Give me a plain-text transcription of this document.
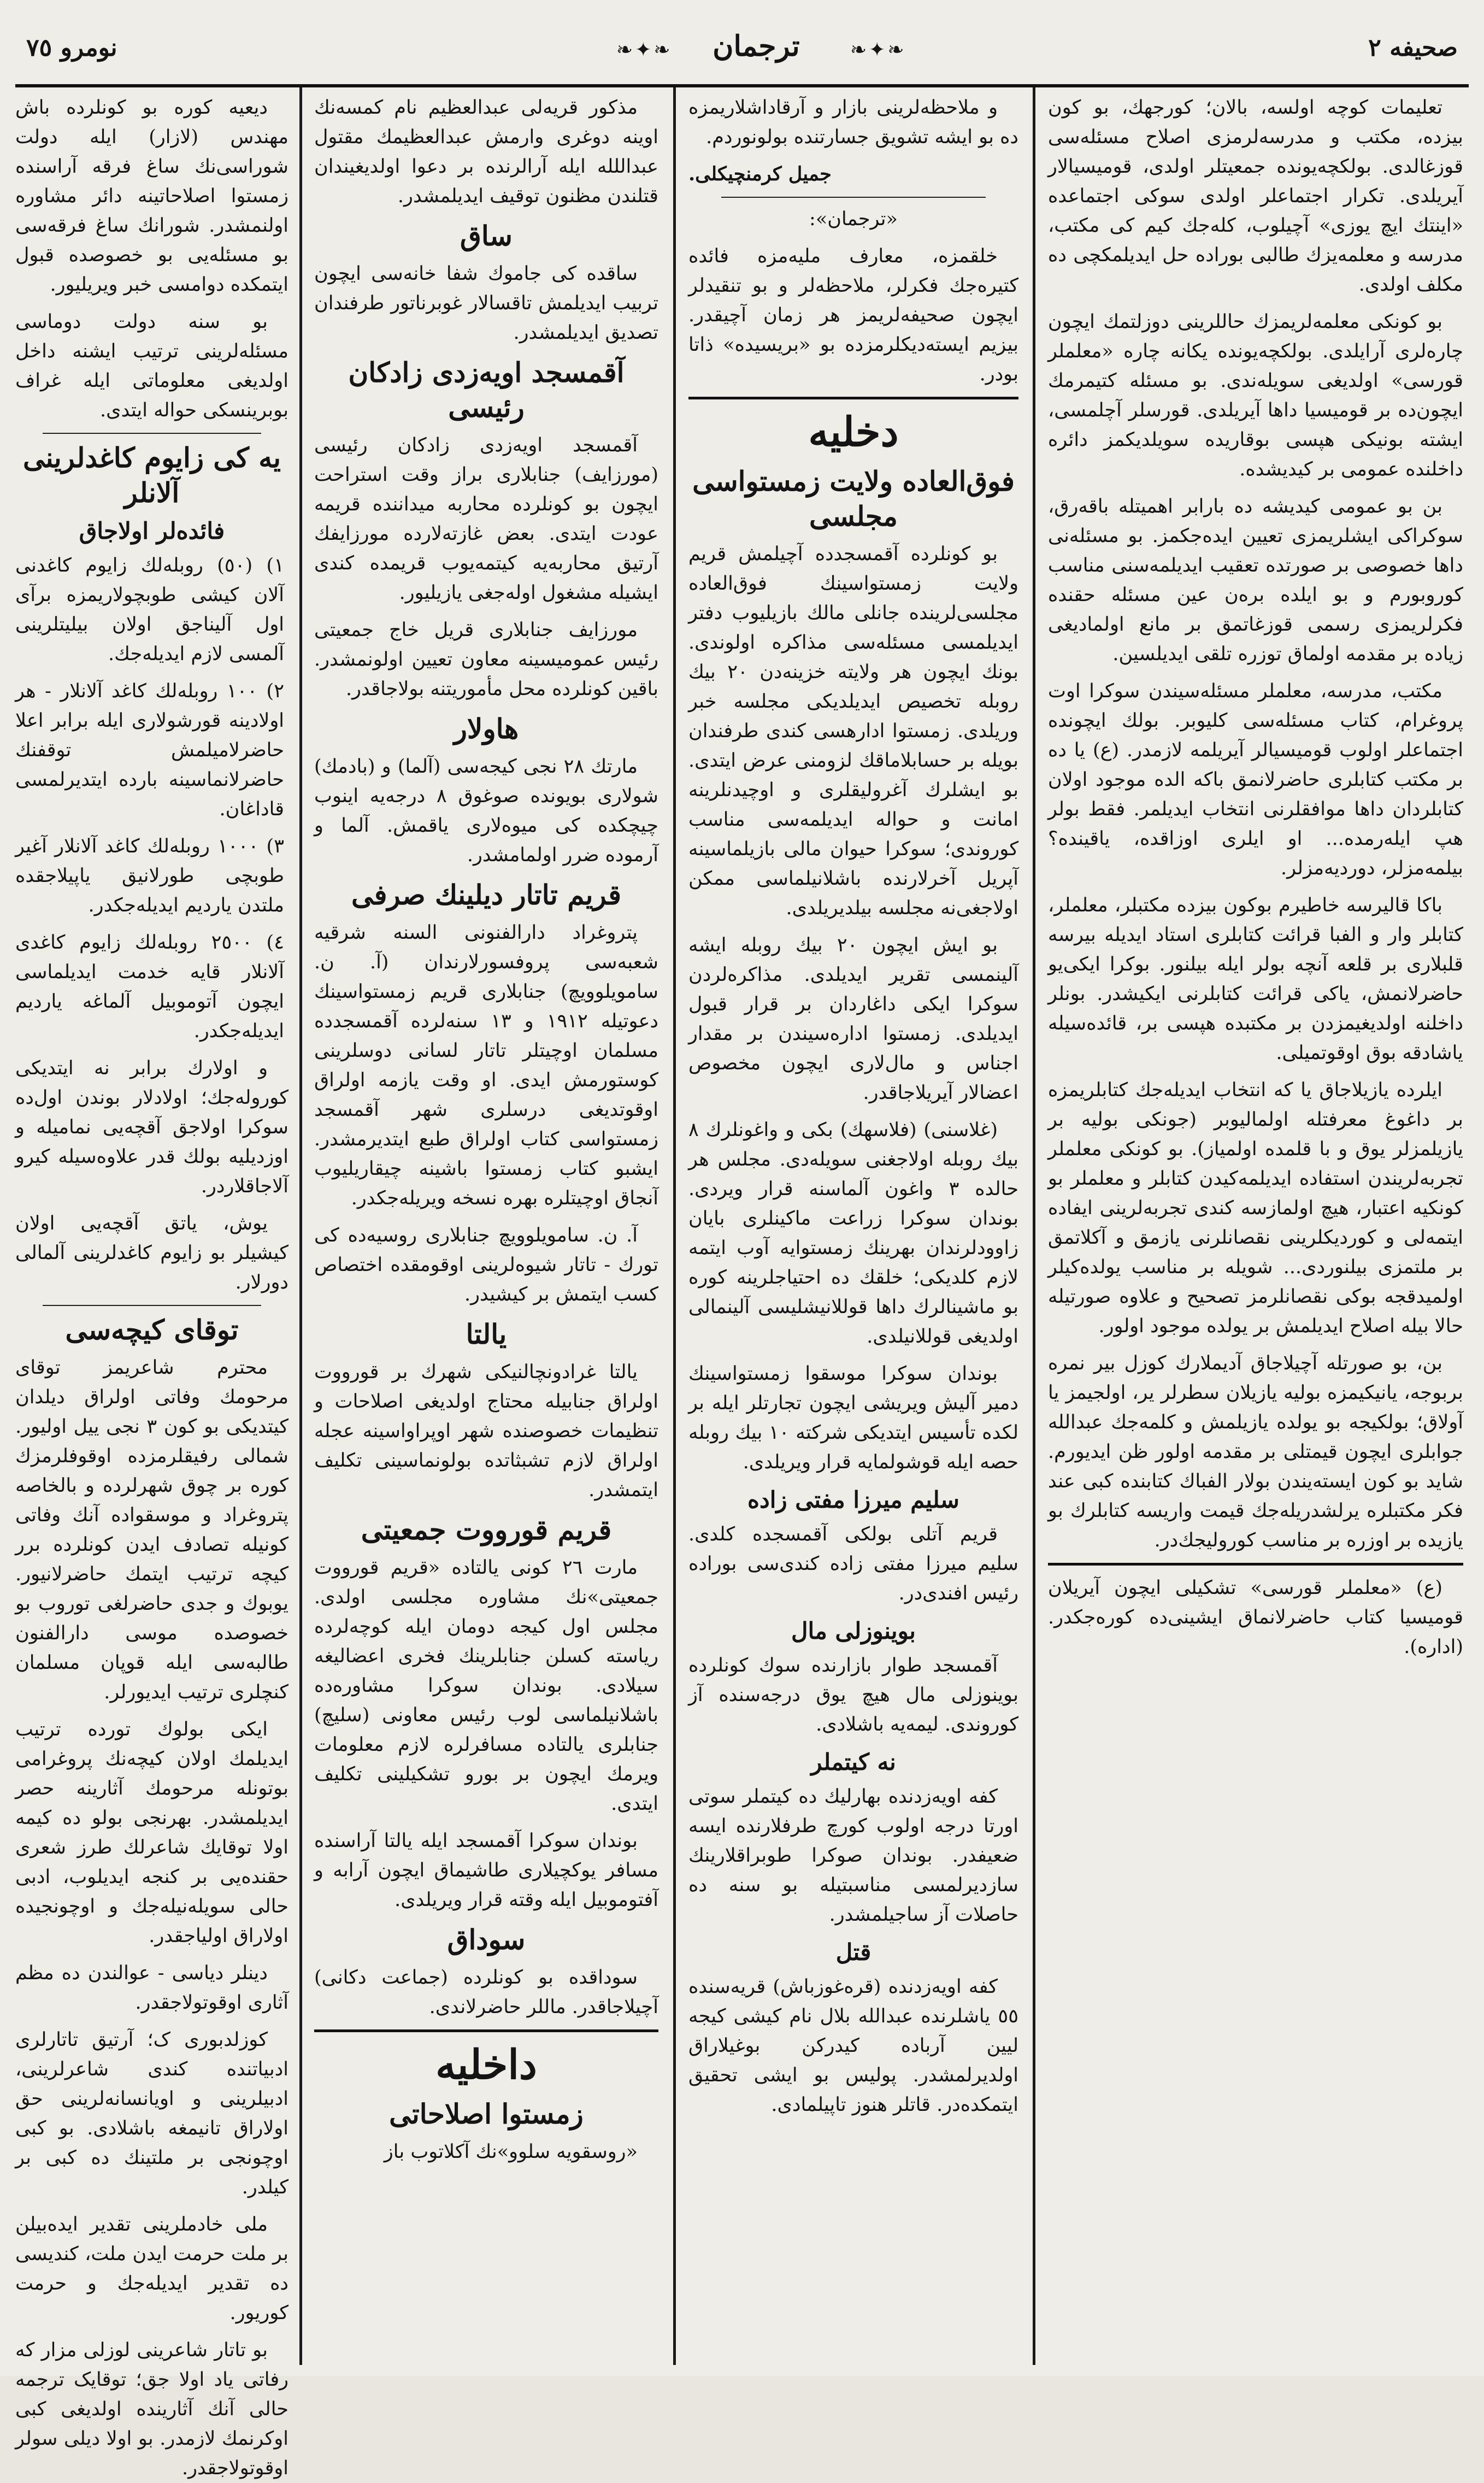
نومرو ٧٥	❧✦❧	ترجمان	❧✦❧	صحيفه ٢

تعلیمات کوچه اولسه، بالان؛ کورجهك، بو کون بیزده، مکتب و مدرسه‌لرمزی اصلاح مسئله‌سی قوزغالدی. بولکچه‌یونده جمعیتلر اولدی، قومیسیالار آیریلدی. تکرار اجتماعلر اولدی سوکی اجتماعده «اینتك ایچ یوزی» آچیلوب، کله‌جك کیم کی مکتب، مدرسه و معلمه‌یزك طالبی بوراده حل ایدیلمکچی ده مکلف اولدی.

بو کونکی معلمه‌لریمزك حاللرینی دوزلتمك ایچون چاره‌لری آرایلدی. بولکچه‌یونده یکانه چاره «معلملر قورسی» اولدیغی سویله‌ندی. بو مسئله کتیمرمك ایچون‌ده بر قومیسیا داها آیریلدی. قورسلر آچلمسی، ایشته بونیکی هپسی بوقاریده سویلدیکمز دائره داخلنده عمومی بر کیدیشده.

بن بو عمومی کیدیشه ده بارابر اهمیتله باقه‌رق، سوکراکی ایشلریمزی تعیین ایده‌جکمز. بو مسئله‌نی داها خصوصی بر صورتده تعقیب ایدیلمه‌سنی مناسب کوروبورم و بو ایلده بره‌ن عین مسئله حقنده فکرلریمزی رسمی قوزغاتمق بر مانع اولمادیغی زیاده بر مقدمه اولماق توزره تلقی ایدیلسین.

مکتب، مدرسه، معلملر مسئله‌سیندن سوکرا اوت پروغرام، کتاب مسئله‌سی کلیوبر. بولك ایچونده اجتماعلر اولوب قومیسیالر آیریلمه لازمدر. (ع) یا ده بر مکتب کتابلری حاضرلانمق باکه الده موجود اولان کتابلردان داها موافقلرنی انتخاب ایدیلمر. فقط بولر هپ ایله‌رمده... او ایلری اوزاقده، یاقینده؟ بیلمه‌مزلر، دوردیه‌مزلر.

باکا قالیرسه خاطیرم بوکون بیزده مکتبلر، معلملر، کتابلر وار و الفبا قرائت کتابلری استاد ایدیله بیرسه قلبلاری بر قلعه آنچه بولر ایله بیلنور. بوکرا ایکی‌یو حاضرلانمش، یاکی قرائت کتابلرنی ایکیشدر. بونلر داخلنه اولدیغیمزدن بر مکتبده هپسی بر، قائده‌سیله یاشادقه بوق اوقوتمیلی.

ایلرده یازیلاجاق یا که انتخاب ایدیله‌جك کتابلریمزه بر داغوغ معرفتله اولمالیوبر (جونکی بولیه بر یازیلمزلر یوق و با قلمده اولمیاز). بو کونکی معلملر تجربه‌لریندن استفاده ایدیلمه‌کیدن کتابلر و معلملر بو کونکیه اعتبار، هیچ اولمازسه کندی تجربه‌لرینی ایفاده ایتمه‌لی و کوردیکلرینی نقصانلرنی یازمق و آکلاتمق بر ملتمزی بیلنوردی... شویله بر مناسب یولده‌کیلر اولمیدقجه بوکی نقصانلرمز تصحیح و علاوه صورتیله حالا بیله اصلاح ایدیلمش بر یولده موجود اولور.

بن، بو صورتله آچیلاجاق آدیملارك کوزل بیر نمره بربوجه، یانیکیمزه بولیه یازیلان سطرلر یر، اولجیمز یا آولاق؛ بولکیجه بو یولده یازیلمش و کلمه‌جك عبدالله جوابلری ایچون قیمتلی بر مقدمه اولور ظن ایدیورم. شاید بو کون ایسته‌یندن بولار الفباك کتابنده کبی عند فکر مکتبلره یرلشدریله‌جك قیمت واریسه کتابلرك بو یازیده بر اوزره بر مناسب کورولیجك‌در.

(ع) «معلملر قورسی» تشکیلی ایچون آیریلان قومیسیا کتاب حاضرلانماق ایشینی‌ده کوره‌جکدر. (اداره).

و ملاحظه‌لرینی بازار و آرقاداشلاریمزه ده بو ایشه تشویق جسارتنده بولونوردم.

جمیل کرمنچیکلی.

«ترجمان»:

خلقمزه، معارف ملیه‌مزه فائده کتیره‌جك فکرلر، ملاحظه‌لر و بو تنقیدلر ایچون صحیفه‌لریمز هر زمان آچیقدر. بیزیم ایسته‌دیکلرمزده بو «بریسیده» ذاتا بودر.

دخلیه
فوق‌العاده ولایت زمستواسی مجلسی

بو کونلرده آقمسجدده آچیلمش قریم ولایت زمستواسینك فوق‌العاده مجلسی‌لرینده جانلی مالك بازیلیوب دفتر ایدیلمسی مسئله‌سی مذاکره اولوندی. بونك ایچون هر ولایته خزینه‌دن ٢٠ بیك روبله تخصیص ایدیلدیکی مجلسه خبر وریلدی. زمستوا ادارهسی کندی طرفندان بویله بر حسابلاماقك لزومنی عرض ایتدی. بو ایشلرك آغرولیقلری و اوچیدنلرینه امانت و حواله ایدیلمه‌سی مناسب کوروندی؛ سوکرا حیوان مالی بازیلماسینه آپریل آخرلارنده باشلانیلماسی ممکن اولاجغی‌نه مجلسه بیلدیریلدی.

بو ایش ایچون ٢٠ بیك روبله ایشه آلینمسی تقریر ایدیلدی. مذاکره‌لردن سوکرا ایکی داغاردان بر قرار قبول ایدیلدی. زمستوا اداره‌سیندن بر مقدار اجناس و مال‌لاری ایچون مخصوص اعضالار آیریلاجاقدر.

(غلاسنی) (فلاسهك) بکی و واغونلرك ٨ بیك روبله اولاجغنی سویله‌دی. مجلس هر حالده ٣ واغون آلماسنه قرار ویردی. بوندان سوکرا زراعت ماکینلری بایان زاوودلرندان بهرینك زمستوایه آوب ایتمه لازم کلدیکی؛ خلقك ده احتیاجلرینه کوره بو ماشینالرك داها قوللانیشلیسی آلینمالی اولدیغی قوللانیلدی.

بوندان سوکرا موسقوا زمستواسینك دمیر آلیش ویریشی ایچون تجارتلر ایله بر لکده تأسیس ایتدیکی شرکته ١٠ بیك روبله حصه ایله قوشولمایه قرار ویریلدی.

سلیم میرزا مفتی زاده

قریم آتلی بولکی آقمسجده کلدی. سلیم میرزا مفتی زاده کندی‌سی بوراده رئیس افندی‌در.

بوینوزلی مال

آقمسجد طوار بازارنده سوك کونلرده بوینوزلی مال هیچ یوق درجه‌سنده آز کوروندی. لیمه‌یه باشلادی.

نه کیتملر

کفه اویه‌زدنده بهارلیك ده کیتملر سوتی اورتا درجه اولوب کورچ طرفلارنده ایسه ضعیفدر. بوندان صوکرا طوبراقلارینك سازدیرلمسی مناسبتیله بو سنه ده حاصلات آز ساجیلمشدر.

قتل

کفه اویه‌زدنده (قره‌غوزباش) قریه‌سنده ٥٥ یاشلرنده عبدالله بلال نام کیشی کیجه لیین آرباده کیدرکن بوغیلاراق اولدیرلمشدر. پولیس بو ایشی تحقیق ایتمکده‌در. قاتلر هنوز تاپیلمادی.

مذکور قریه‌لی عبدالعظیم نام کمسه‌نك اوینه دوغری وارمش عبدالعظیمك مقتول عبداللله ایله آرالرنده بر دعوا اولدیغیندان قتلندن مظنون توقیف ایدیلمشدر.

ساق

ساقده کی جاموك شفا خانه‌سی ایچون تربیب ایدیلمش تاقسالار غوبرناتور طرفندان تصدیق ایدیلمشدر.

آقمسجد اویه‌زدی زادکان رئیسی

آقمسجد اویه‌زدی زادکان رئیسی (مورزایف) جنابلاری براز وقت استراحت ایچون بو کونلرده محاربه میداننده قریمه عودت ایتدی. بعض غازته‌لارده مورزایفك آرتیق محاربه‌یه کیتمه‌یوب قریمده کندی ایشیله مشغول اوله‌جغی یازیلیور.

مورزایف جنابلاری قریل خاج جمعیتی رئیس عمومیسینه معاون تعیین اولونمشدر. باقین کونلرده محل مأموریتنه بولاجاقدر.

هاولار

مارتك ٢٨ نجی کیجه‌سی (آلما) و (بادمك) شولاری بویونده صوغوق ٨ درجه‌یه اینوب چیچکده کی میوه‌لاری یاقمش. آلما و آرموده ضرر اولمامشدر.

قریم تاتار دیلینك صرفی

پتروغراد دارالفنونی السنه شرقیه شعبه‌سی پروفسورلارندان (آ. ن. سامویلوویچ) جنابلاری قریم زمستواسینك دعوتیله ١٩١٢ و ١٣ سنه‌لرده آقمسجدده مسلمان اوچیتلر تاتار لسانی دوسلرینی کوستورمش ایدی. او وقت یازمه اولراق اوقوتدیغی درسلری شهر آقمسجد زمستواسی کتاب اولراق طبع ایتدیرمشدر. ایشبو کتاب زمستوا باشینه چیقاریلیوب آنجاق اوچیتلره بهره نسخه ویریله‌جکدر.

آ. ن. سامویلوویچ جنابلاری روسیه‌ده کی تورك - تاتار شیوه‌لرینی اوقومقده اختصاص کسب ایتمش بر کیشیدر.

یالتا

یالتا غرادونچالنیکی شهرك بر قورووت اولراق جنابیله محتاج اولدیغی اصلاحات و تنظیمات خصوصنده شهر اوپراواسینه عجله اولراق لازم تشبثاتده بولونماسینی تکلیف ایتمشدر.

قریم قورووت جمعیتی

مارت ٢٦ کونی یالتاده «قریم قورووت جمعیتی»نك مشاوره مجلسی اولدی. مجلس اول کیجه دومان ایله کوچه‌لرده ریاسته کسلن جنابلرینك فخری اعضالیغه سیلادی. بوندان سوکرا مشاوره‌ده باشلانیلماسی لوب رئیس معاونی (سلیچ) جنابلری یالتاده مسافرلره لازم معلومات ویرمك ایچون بر بورو تشکیلینی تکلیف ایتدی.

بوندان سوکرا آقمسجد ایله یالتا آراسنده مسافر یوکچیلاری طاشیماق ایچون آرابه و آفتوموبیل ایله وقته قرار ویریلدی.

سوداق

سوداقده بو کونلرده (جماعت دکانی) آچیلاجاقدر. ماللر حاضرلاندی.

داخلیه
زمستوا اصلاحاتی

«روسقویه سلوو»نك آکلاتوب باز

دیعیه کوره بو کونلرده باش مهندس (لازار) ایله دولت شوراسی‌نك ساغ فرقه آراسنده زمستوا اصلاحاتینه دائر مشاوره اولنمشدر. شورانك ساغ فرقه‌سی بو مسئله‌یی بو خصوصده قبول ایتمکده دوامسی خبر ویریلیور.

بو سنه دولت دوماسی مسئله‌لرینی ترتیب ایشنه داخل اولدیغی معلوماتی ایله غراف بوبرینسکی حواله ایتدی.

یه کی زایوم کاغدلرینی آلانلر
فائده‌لر اولاجاق

١) (٥٠) روبله‌لك زایوم کاغدنی آلان کیشی طوبچولاریمزه برآی اول آلیناجق اولان بیلیتلرینی آلمسی لازم ایدیله‌جك.

٢) ١٠٠ روبله‌لك کاغد آلانلار - هر اولادینه قورشولاری ایله برابر اعلا حاضرلامیلمش توقفنك حاضرلانماسینه بارده ایتدیرلمسی قاداغان.

٣) ١٠٠٠ روبله‌لك کاغد آلانلار آغیر طوبچی طورلانیق یاپیلاجقده ملتدن یاردیم ایدیله‌جکدر.

٤) ٢٥٠٠ روبله‌لك زایوم کاغدی آلانلار قایه خدمت ایدیلماسی ایچون آتوموبیل آلماغه یاردیم ایدیله‌جکدر.

و اولارك برابر نه ایتدیکی کوروله‌جك؛ اولادلار بوندن اول‌ده سوکرا اولاجق آقچه‌یی نمامیله و اوزدیلیه بولك قدر علاوه‌سیله کیرو آلاجاقلاردر.

یوش، یاتق آقچه‌یی اولان کیشیلر بو زایوم کاغدلرینی آلمالی دورلار.

توقای کیچه‌سی

محترم شاعریمز توقای مرحومك وفاتی اولراق دیلدان کیتدیکی بو کون ۳ نجی ییل اولیور. شمالی رفیقلرمزده اوقوفلرمزك کوره بر چوق شهرلرده و بالخاصه پتروغراد و موسقواده آنك وفاتی کونیله تصادف ایدن کونلرده برر کیچه ترتیب ایتمك حاضرلانیور. یوبوك و جدی حاضرلغی توروب بو خصوصده موسی دارالفنون طالبه‌سی ایله قوپان مسلمان کنچلری ترتیب ایدیورلر.

ایکی بولوك تورده ترتیب ایدیلمك اولان کیچه‌نك پروغرامی بوتونله مرحومك آثارینه حصر ایدیلمشدر. بهرنجی بولو ده کیمه اولا توقایك شاعرلك طرز شعری حقنده‌یی بر کنجه ایدیلوب، ادبی حالی سویله‌نیله‌جك و اوچونجیده اولاراق اولیاجقدر.

دینلر دیاسی - عوالندن ده مظم آثاری اوقوتولاجقدر.

کوزلدبوری ک؛ آرتیق تاتارلری ادبیاتنده کندی شاعرلرینی، ادبیلرینی و اویانسانه‌لرینی حق اولاراق تانیمغه باشلادی. بو کبی اوچونجی بر ملتینك ده کبی بر کیلدر.

ملی خادملرینی تقدیر ایده‌بیلن بر ملت حرمت ایدن ملت، کندیسی ده تقدیر ایدیله‌جك و حرمت کوریور.

بو تاتار شاعرینی لوزلی مزار که رفاتی یاد اولا جق؛ توقایک ترجمه حالی آنك آثارینده اولدیغی کبی اوکرنمك لازمدر. بو اولا دیلی سولر اوقوتولاجقدر.
